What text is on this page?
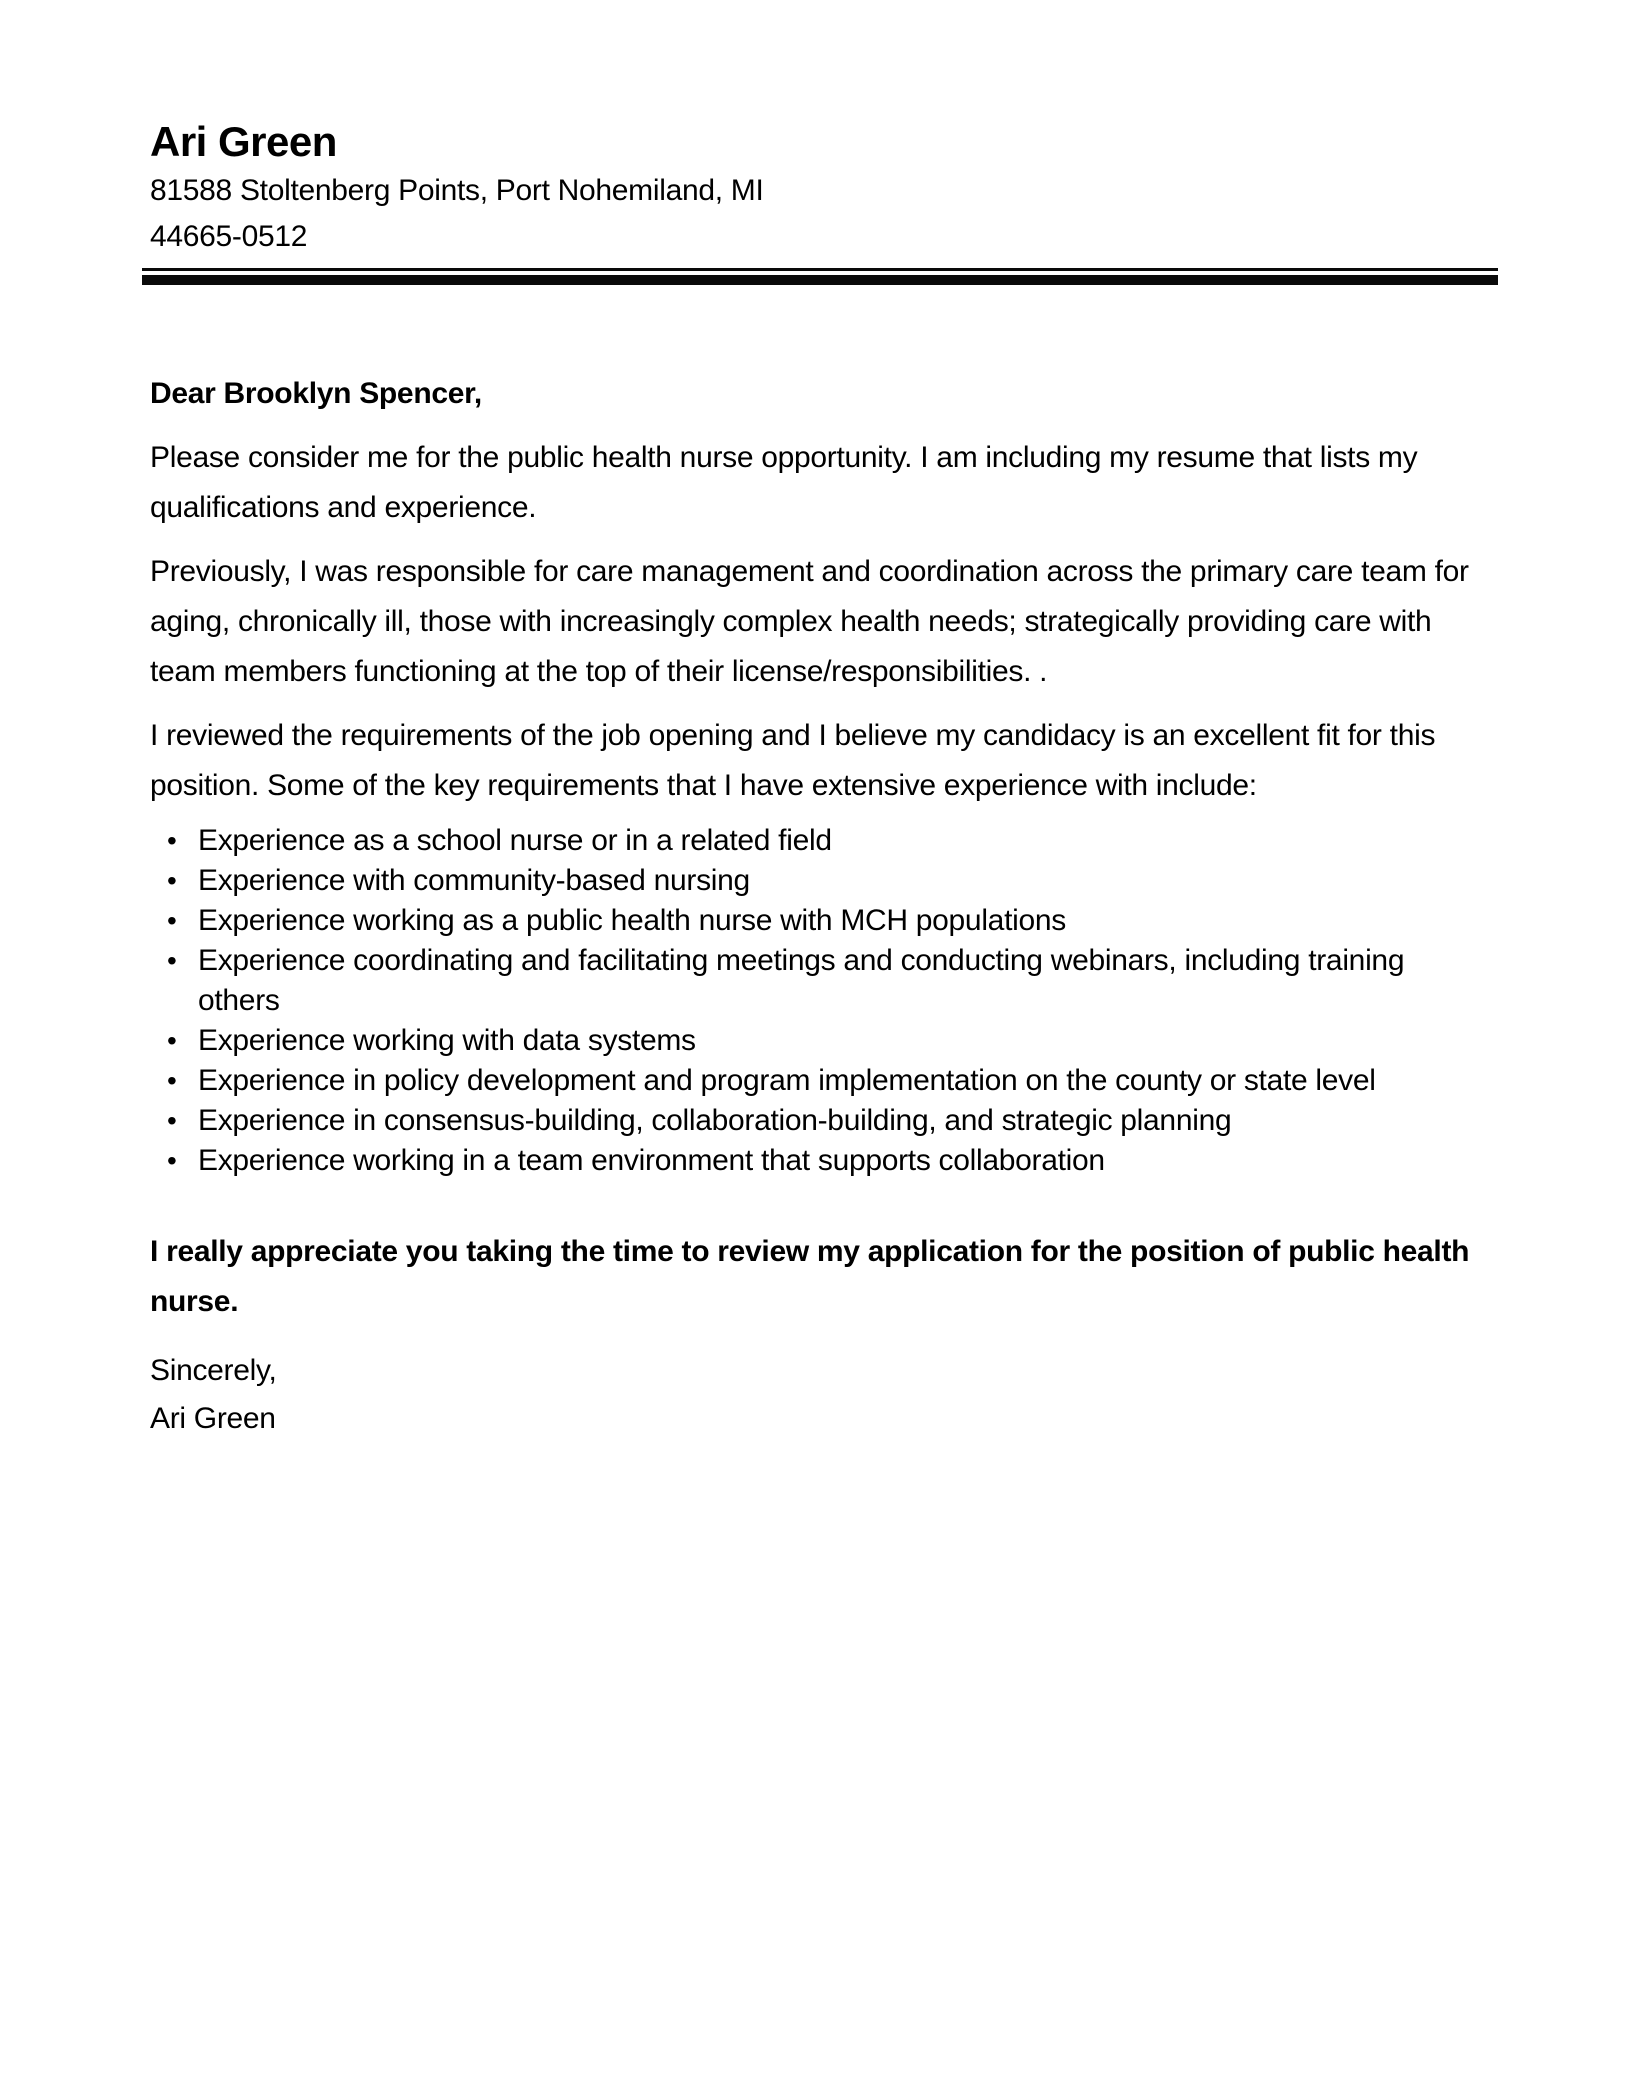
Ari Green
81588 Stoltenberg Points, Port Nohemiland, MI
44665-0512
Dear Brooklyn Spencer,

Please consider me for the public health nurse opportunity. I am including my resume that lists my qualifications and experience.

Previously, I was responsible for care management and coordination across the primary care team for aging, chronically ill, those with increasingly complex health needs; strategically providing care with team members functioning at the top of their license/responsibilities. .

I reviewed the requirements of the job opening and I believe my candidacy is an excellent fit for this position. Some of the key requirements that I have extensive experience with include:

• Experience as a school nurse or in a related field
• Experience with community-based nursing
• Experience working as a public health nurse with MCH populations
• Experience coordinating and facilitating meetings and conducting webinars, including training others
• Experience working with data systems
• Experience in policy development and program implementation on the county or state level
• Experience in consensus-building, collaboration-building, and strategic planning
• Experience working in a team environment that supports collaboration

I really appreciate you taking the time to review my application for the position of public health nurse.

Sincerely,
Ari Green
